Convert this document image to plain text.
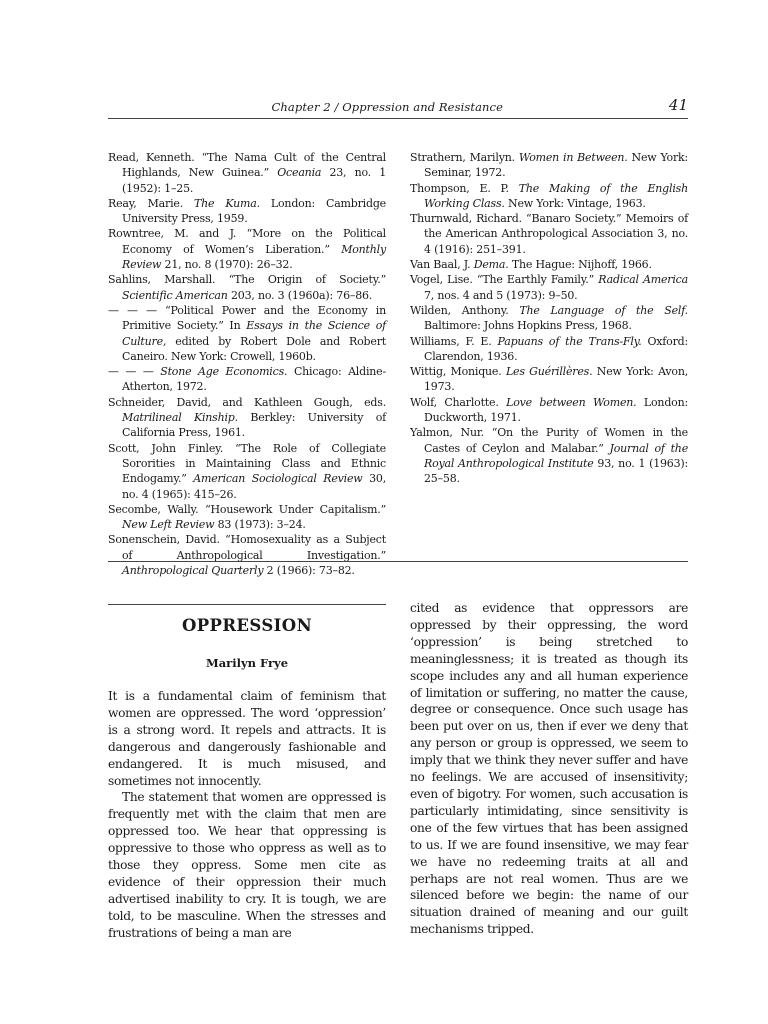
Chapter 2 / Oppression and Resistance	41

Read, Kenneth. “The Nama Cult of the Central Highlands, New Guinea.” Oceania 23, no. 1 (1952): 1–25.

Reay, Marie. The Kuma. London: Cambridge University Press, 1959.

Rowntree, M. and J. “More on the Political Economy of Women’s Liberation.” Monthly Review 21, no. 8 (1970): 26–32.

Sahlins, Marshall. “The Origin of Society.” Scientific American 203, no. 3 (1960a): 76–86.

— — — “Political Power and the Economy in Primitive Society.” In Essays in the Science of Culture, edited by Robert Dole and Robert Caneiro. New York: Crowell, 1960b.

— — — Stone Age Economics. Chicago: Aldine-Atherton, 1972.

Schneider, David, and Kathleen Gough, eds. Matrilineal Kinship. Berkley: University of California Press, 1961.

Scott, John Finley. “The Role of Collegiate Sororities in Maintaining Class and Ethnic Endogamy.” American Sociological Review 30, no. 4 (1965): 415–26.

Secombe, Wally. “Housework Under Capitalism.” New Left Review 83 (1973): 3–24.

Sonenschein, David. “Homosexuality as a Subject of Anthropological Investigation.” Anthropological Quarterly 2 (1966): 73–82.

Strathern, Marilyn. Women in Between. New York: Seminar, 1972.

Thompson, E. P. The Making of the English Working Class. New York: Vintage, 1963.

Thurnwald, Richard. “Banaro Society.” Memoirs of the American Anthropological Association 3, no. 4 (1916): 251–391.

Van Baal, J. Dema. The Hague: Nijhoff, 1966.

Vogel, Lise. “The Earthly Family.” Radical America 7, nos. 4 and 5 (1973): 9–50.

Wilden, Anthony. The Language of the Self. Baltimore: Johns Hopkins Press, 1968.

Williams, F. E. Papuans of the Trans-Fly. Oxford: Clarendon, 1936.

Wittig, Monique. Les Guérillères. New York: Avon, 1973.

Wolf, Charlotte. Love between Women. London: Duckworth, 1971.

Yalmon, Nur. “On the Purity of Women in the Castes of Ceylon and Malabar.” Journal of the Royal Anthropological Institute 93, no. 1 (1963): 25–58.

OPPRESSION
Marilyn Frye

It is a fundamental claim of feminism that women are oppressed. The word ‘oppression’ is a strong word. It repels and attracts. It is dangerous and dangerously fashionable and endangered. It is much misused, and sometimes not innocently.

The statement that women are oppressed is frequently met with the claim that men are oppressed too. We hear that oppressing is oppressive to those who oppress as well as to those they oppress. Some men cite as evidence of their oppression their much advertised inability to cry. It is tough, we are told, to be masculine. When the stresses and frustrations of being a man are

cited as evidence that oppressors are oppressed by their oppressing, the word ‘oppression’ is being stretched to meaninglessness; it is treated as though its scope includes any and all human experience of limitation or suffering, no matter the cause, degree or consequence. Once such usage has been put over on us, then if ever we deny that any person or group is oppressed, we seem to imply that we think they never suffer and have no feelings. We are accused of insensitivity; even of bigotry. For women, such accusation is particularly intimidating, since sensitivity is one of the few virtues that has been assigned to us. If we are found insensitive, we may fear we have no redeeming traits at all and perhaps are not real women. Thus are we silenced before we begin: the name of our situation drained of meaning and our guilt mechanisms tripped.
